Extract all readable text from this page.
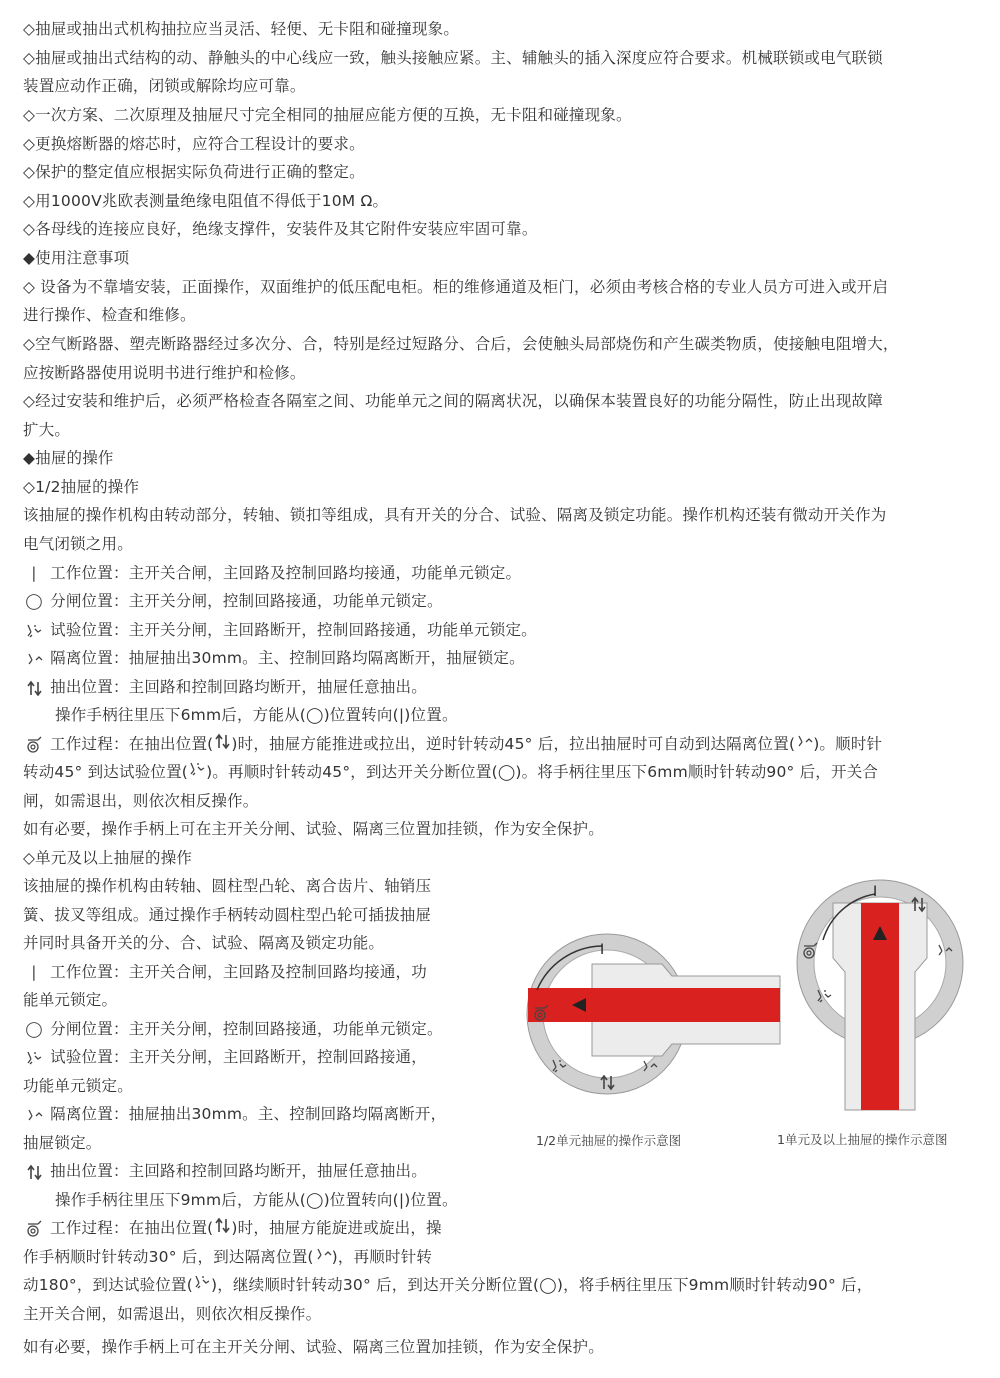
◇抽屉或抽出式机构抽拉应当灵活、轻便、无卡阻和碰撞现象。
◇抽屉或抽出式结构的动、静触头的中心线应一致，触头接触应紧。主、辅触头的插入深度应符合要求。机械联锁或电气联锁
装置应动作正确，闭锁或解除均应可靠。
◇一次方案、二次原理及抽屉尺寸完全相同的抽屉应能方便的互换，无卡阻和碰撞现象。
◇更换熔断器的熔芯时，应符合工程设计的要求。
◇保护的整定值应根据实际负荷进行正确的整定。
◇用1000V兆欧表测量绝缘电阻值不得低于10M Ω。
◇各母线的连接应良好，绝缘支撑件，安装件及其它附件安装应牢固可靠。
◆使用注意事项
◇ 设备为不靠墙安装，正面操作，双面维护的低压配电柜。柜的维修通道及柜门，必须由考核合格的专业人员方可进入或开启
进行操作、检查和维修。
◇空气断路器、塑壳断路器经过多次分、合，特别是经过短路分、合后，会使触头局部烧伤和产生碳类物质，使接触电阻增大，
应按断路器使用说明书进行维护和检修。
◇经过安装和维护后，必须严格检查各隔室之间、功能单元之间的隔离状况，以确保本装置良好的功能分隔性，防止出现故障
扩大。
◆抽屉的操作
◇1/2抽屉的操作
该抽屉的操作机构由转动部分，转轴、锁扣等组成，具有开关的分合、试验、隔离及锁定功能。操作机构还装有微动开关作为
电气闭锁之用。
| 工作位置：主开关合闸，主回路及控制回路均接通，功能单元锁定。
◯ 分闸位置：主开关分闸，控制回路接通，功能单元锁定。
试验位置：主开关分闸，主回路断开，控制回路接通，功能单元锁定。
隔离位置：抽屉抽出30mm。主、控制回路均隔离断开，抽屉锁定。
抽出位置：主回路和控制回路均断开，抽屉任意抽出。
操作手柄往里压下6mm后，方能从(◯)位置转向(|)位置。
工作过程：在抽出位置( )时，抽屉方能推进或拉出，逆时针转动45° 后，拉出抽屉时可自动到达隔离位置( )。顺时针
转动45° 到达试验位置( )。再顺时针转动45°，到达开关分断位置(◯)。将手柄往里压下6mm顺时针转动90° 后，开关合
闸，如需退出，则依次相反操作。
如有必要，操作手柄上可在主开关分闸、试验、隔离三位置加挂锁，作为安全保护。
◇单元及以上抽屉的操作
该抽屉的操作机构由转轴、圆柱型凸轮、离合齿片、轴销压
簧、拔叉等组成。通过操作手柄转动圆柱型凸轮可插拔抽屉
并同时具备开关的分、合、试验、隔离及锁定功能。
| 工作位置：主开关合闸，主回路及控制回路均接通，功
能单元锁定。
◯ 分闸位置：主开关分闸，控制回路接通，功能单元锁定。
试验位置：主开关分闸，主回路断开，控制回路接通，
功能单元锁定。
隔离位置：抽屉抽出30mm。主、控制回路均隔离断开，
抽屉锁定。
抽出位置：主回路和控制回路均断开，抽屉任意抽出。
操作手柄往里压下9mm后，方能从(◯)位置转向(|)位置。
工作过程：在抽出位置( )时，抽屉方能旋进或旋出，操
作手柄顺时针转动30° 后，到达隔离位置( )，再顺时针转
动180°，到达试验位置( )，继续顺时针转动30° 后，到达开关分断位置(◯)，将手柄往里压下9mm顺时针转动90° 后，
主开关合闸，如需退出，则依次相反操作。
如有必要，操作手柄上可在主开关分闸、试验、隔离三位置加挂锁，作为安全保护。
I
1/2单元抽屉的操作示意图
I
1单元及以上抽屉的操作示意图
